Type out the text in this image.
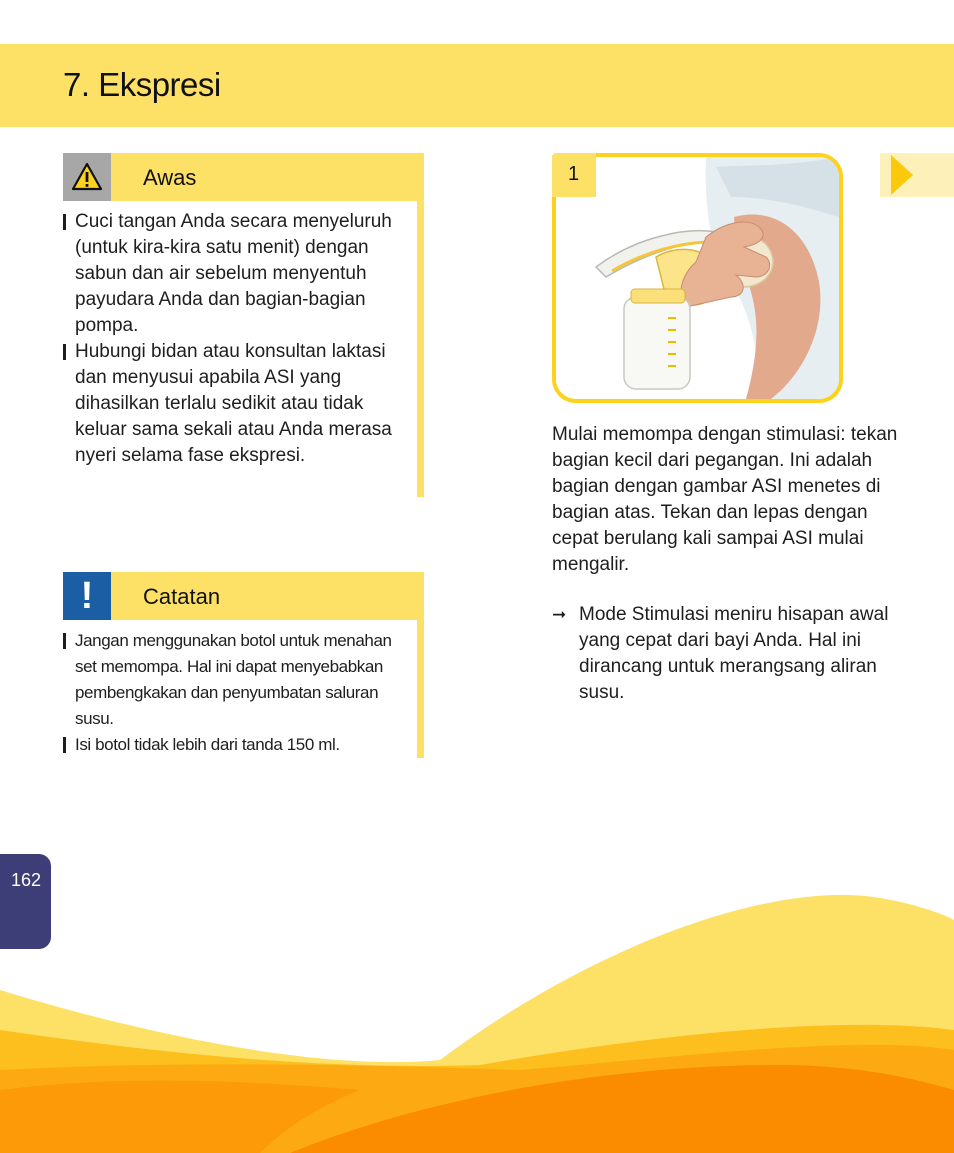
7. Ekspresi
Awas
Cuci tangan Anda secara menyeluruh (untuk kira-kira satu menit) dengan sabun dan air sebelum menyentuh payudara Anda dan bagian-bagian pompa.
Hubungi bidan atau konsultan laktasi dan menyusui apabila ASI yang dihasilkan terlalu sedikit atau tidak keluar sama sekali atau Anda merasa nyeri selama fase ekspresi.
!	Catatan
Jangan menggunakan botol untuk menahan set memompa. Hal ini dapat menyebabkan pembengkakan dan penyumbatan saluran susu.
Isi botol tidak lebih dari tanda 150 ml.
1

Mulai memompa dengan stimulasi: tekan bagian kecil dari pegangan. Ini adalah bagian dengan gambar ASI menetes di bagian atas. Tekan dan lepas dengan cepat berulang kali sampai ASI mulai mengalir.

➞ Mode Stimulasi meniru hisapan awal yang cepat dari bayi Anda. Hal ini dirancang untuk merangsang aliran susu.

162
